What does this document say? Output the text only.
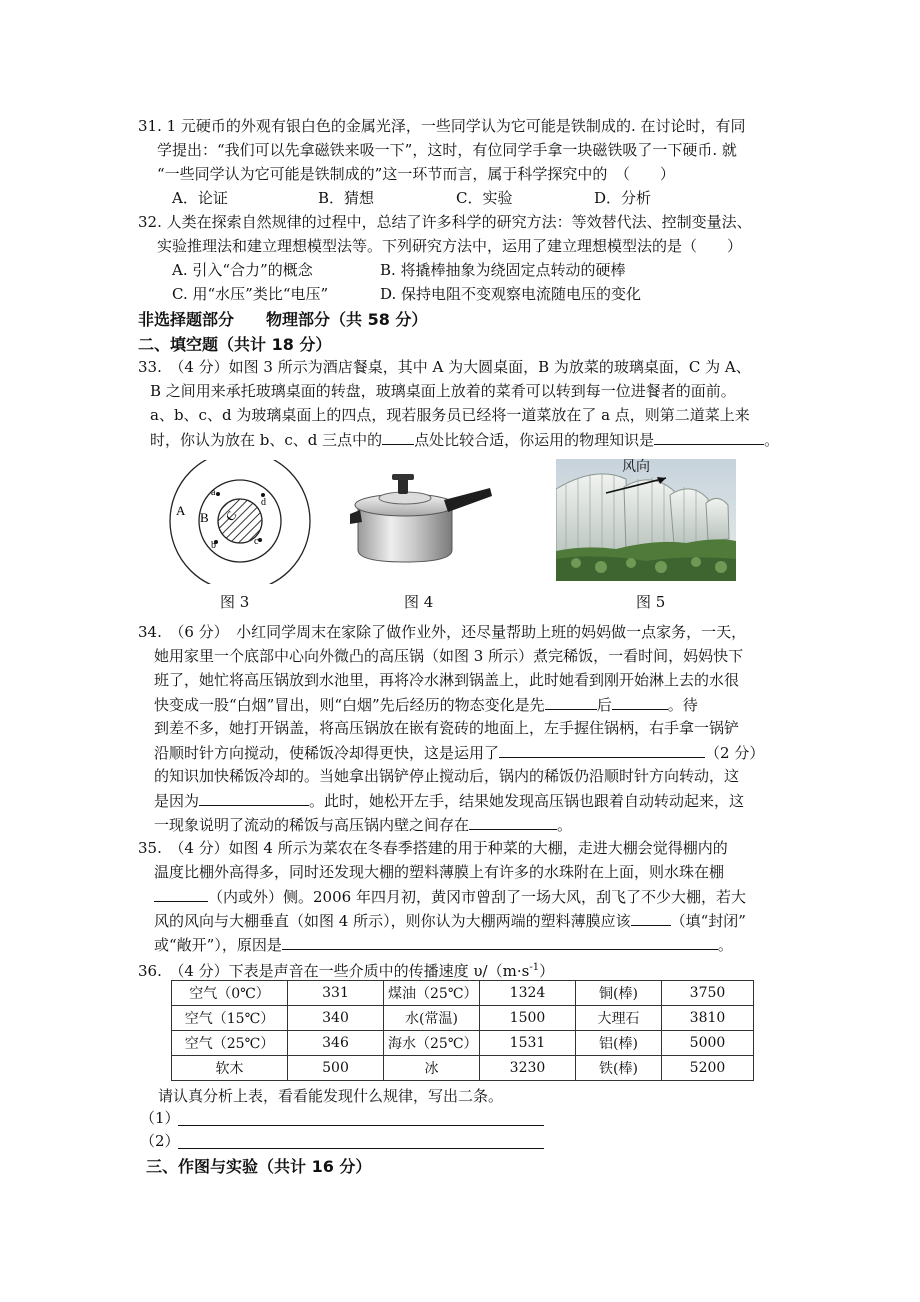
31. 1 元硬币的外观有银白色的金属光泽，一些同学认为它可能是铁制成的. 在讨论时，有同
学提出：“我们可以先拿磁铁来吸一下”，这时，有位同学手拿一块磁铁吸了一下硬币. 就
“一些同学认为它可能是铁制成的”这一环节而言，属于科学探究中的　（　　）
A．论证	B．猜想	C．实验	D．分析
32. 人类在探索自然规律的过程中，总结了许多科学的研究方法：等效替代法、控制变量法、
实验推理法和建立理想模型法等。下列研究方法中，运用了建立理想模型法的是（　　）
A. 引入“合力”的概念	B. 将撬棒抽象为绕固定点转动的硬棒
C. 用“水压”类比“电压”	D. 保持电阻不变观察电流随电压的变化
非选择题部分　　物理部分（共 58 分）
二、填空题（共计 18 分）
33.　（4 分）如图 3 所示为酒店餐桌，其中 A 为大圆桌面，B 为放菜的玻璃桌面，C 为 A、
B 之间用来承托玻璃桌面的转盘，玻璃桌面上放着的菜肴可以转到每一位进餐者的面前。
a、b、c、d 为玻璃桌面上的四点，现若服务员已经将一道菜放在了 a 点，则第二道菜上来
时，你认为放在 b、c、d 三点中的 点处比较合适，你运用的物理知识是	。
A B C
a
d
b	c
风向
图 3	图 4	图 5
34.　（6 分）　小红同学周末在家除了做作业外，还尽量帮助上班的妈妈做一点家务，一天，
她用家里一个底部中心向外微凸的高压锅（如图 3 所示）煮完稀饭，一看时间，妈妈快下
班了，她忙将高压锅放到水池里，再将冷水淋到锅盖上，此时她看到刚开始淋上去的水很
快变成一股“白烟”冒出，则“白烟”先后经历的物态变化是先	后	。待
到差不多，她打开锅盖，将高压锅放在嵌有瓷砖的地面上，左手握住锅柄，右手拿一锅铲
沿顺时针方向搅动，使稀饭冷却得更快，这是运用了	（2 分）
的知识加快稀饭冷却的。当她拿出锅铲停止搅动后，锅内的稀饭仍沿顺时针方向转动，这
是因为	。此时，她松开左手，结果她发现高压锅也跟着自动转动起来，这
一现象说明了流动的稀饭与高压锅内壁之间存在	。
35.　（4 分）如图 4 所示为菜农在冬春季搭建的用于种菜的大棚，走进大棚会觉得棚内的
温度比棚外高得多，同时还发现大棚的塑料薄膜上有许多的水珠附在上面，则水珠在棚
（内或外）侧。2006 年四月初，黄冈市曾刮了一场大风，刮飞了不少大棚，若大
风的风向与大棚垂直（如图 4 所示），则你认为大棚两端的塑料薄膜应该	（填“封闭”
或“敞开”），原因是	。
36.　（4 分）下表是声音在一些介质中的传播速度 $\upsilon/(m\cdot s^{-1})$
空气（0℃）	331	煤油（25℃）	1324	铜(棒)	3750
空气（15℃）	340	水(常温)	1500	大理石	3810
空气（25℃）	346	海水（25℃）	1531	铝(棒)	5000
软木	500	冰	3230	铁(棒)	5200
请认真分析上表，看看能发现什么规律，写出二条。
（1）
（2）
三、作图与实验（共计 16 分）
